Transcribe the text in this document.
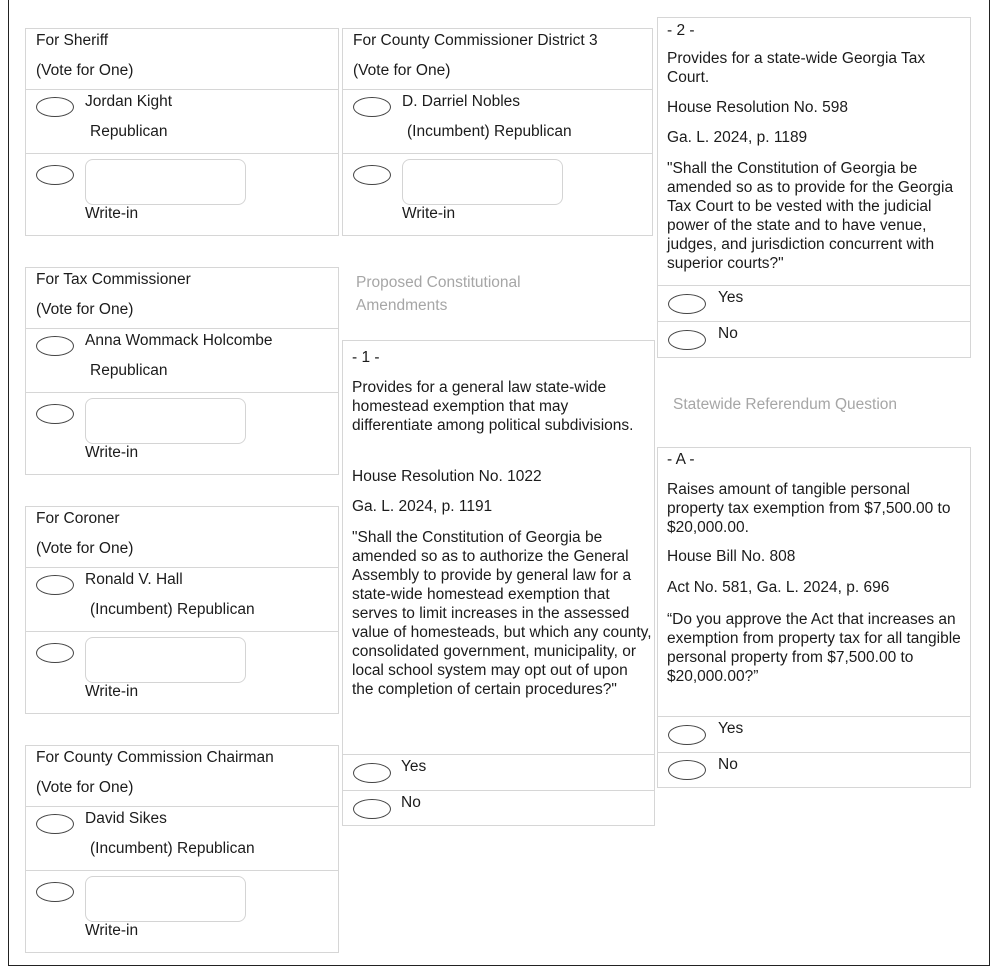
For Sheriff
(Vote for One)
Jordan Kight
Republican
Write-in
For County Commissioner District 3
(Vote for One)
D. Darriel Nobles
(Incumbent) Republican
Write-in
For Tax Commissioner
(Vote for One)
Anna Wommack Holcombe
Republican
Write-in
For Coroner
(Vote for One)
Ronald V. Hall
(Incumbent) Republican
Write-in
For County Commission Chairman
(Vote for One)
David Sikes
(Incumbent) Republican
Write-in
Proposed Constitutional Amendments
- 1 -
Provides for a general law state-wide homestead exemption that may differentiate among political subdivisions.
House Resolution No. 1022
Ga. L. 2024, p. 1191
"Shall the Constitution of Georgia be amended so as to authorize the General Assembly to provide by general law for a state-wide homestead exemption that serves to limit increases in the assessed value of homesteads, but which any county, consolidated government, municipality, or local school system may opt out of upon the completion of certain procedures?"
Yes
No
- 2 -
Provides for a state-wide Georgia Tax Court.
House Resolution No. 598
Ga. L. 2024, p. 1189
"Shall the Constitution of Georgia be amended so as to provide for the Georgia Tax Court to be vested with the judicial power of the state and to have venue, judges, and jurisdiction concurrent with superior courts?"
Yes
No
Statewide Referendum Question
- A -
Raises amount of tangible personal property tax exemption from $7,500.00 to $20,000.00.
House Bill No. 808
Act No. 581, Ga. L. 2024, p. 696
“Do you approve the Act that increases an exemption from property tax for all tangible personal property from $7,500.00 to $20,000.00?”
Yes
No
